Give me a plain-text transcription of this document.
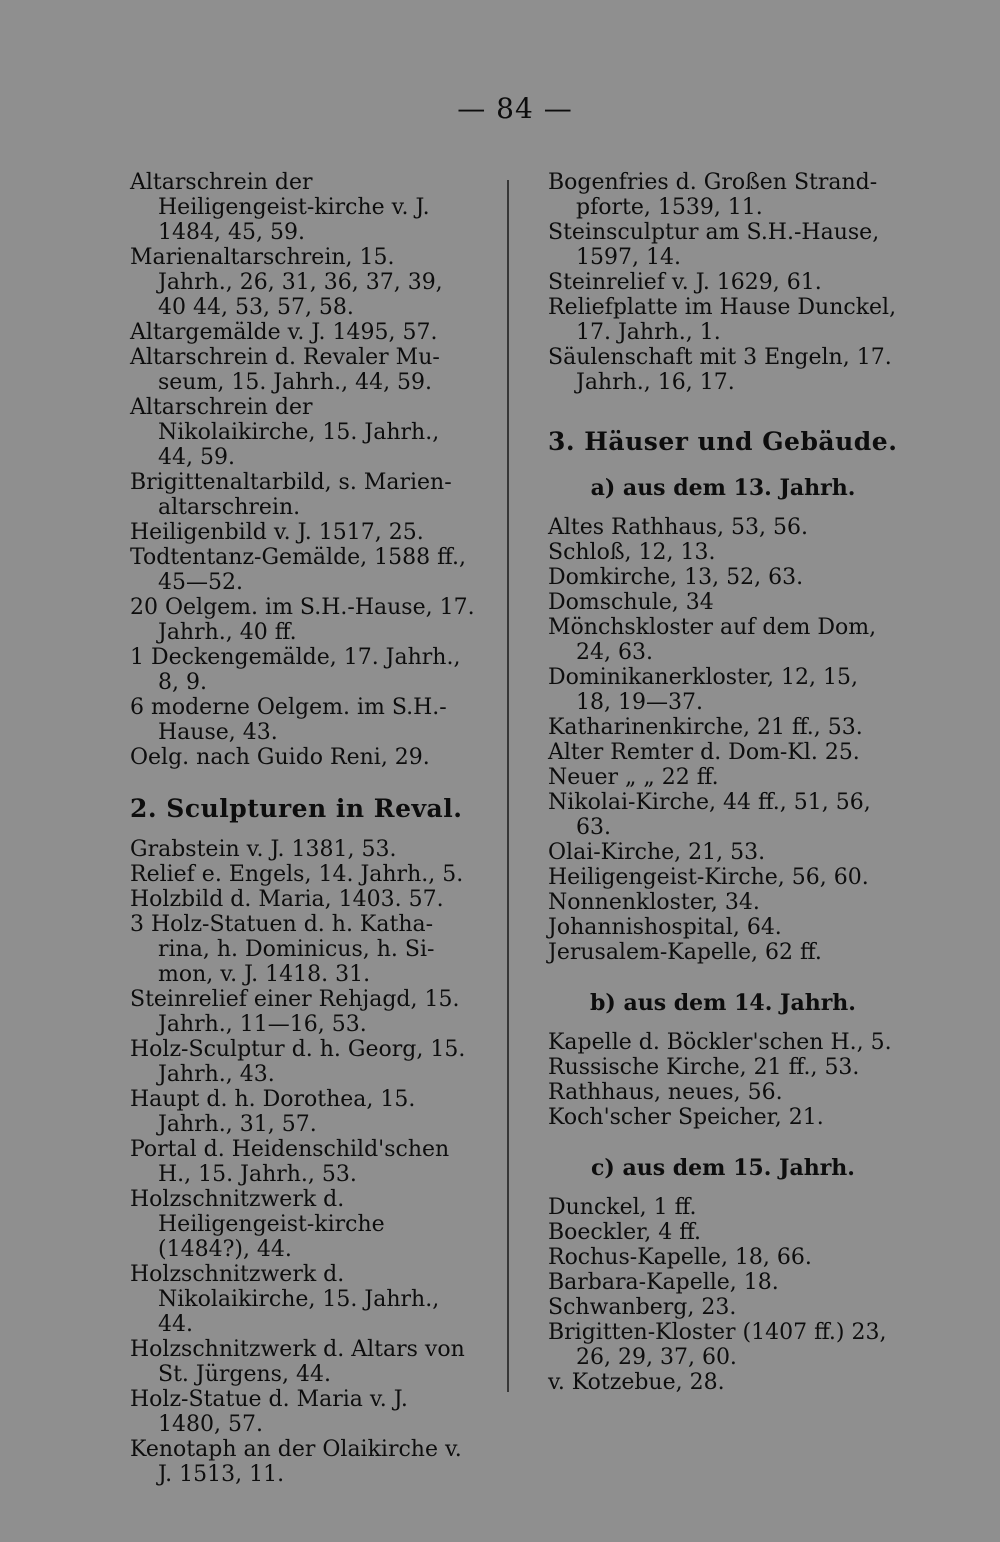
— 84 —
Altarschrein der Heiligengeist-kirche v. J. 1484, 45, 59.
Marienaltarschrein, 15. Jahrh., 26, 31, 36, 37, 39, 40 44, 53, 57, 58.
Altargemälde v. J. 1495, 57.
Altarschrein d. Revaler Mu-seum, 15. Jahrh., 44, 59.
Altarschrein der Nikolaikirche, 15. Jahrh., 44, 59.
Brigittenaltarbild, s. Marien-altarschrein.
Heiligenbild v. J. 1517, 25.
Todtentanz-Gemälde, 1588 ff., 45—52.
20 Oelgem. im S.H.-Hause, 17. Jahrh., 40 ff.
1 Deckengemälde, 17. Jahrh., 8, 9.
6 moderne Oelgem. im S.H.-Hause, 43.
Oelg. nach Guido Reni, 29.
2. Sculpturen in Reval.
Grabstein v. J. 1381, 53.
Relief e. Engels, 14. Jahrh., 5.
Holzbild d. Maria, 1403. 57.
3 Holz-Statuen d. h. Katha-rina, h. Dominicus, h. Si-mon, v. J. 1418. 31.
Steinrelief einer Rehjagd, 15. Jahrh., 11—16, 53.
Holz-Sculptur d. h. Georg, 15. Jahrh., 43.
Haupt d. h. Dorothea, 15. Jahrh., 31, 57.
Portal d. Heidenschild'schen H., 15. Jahrh., 53.
Holzschnitzwerk d. Heiligengeist-kirche (1484?), 44.
Holzschnitzwerk d. Nikolaikirche, 15. Jahrh., 44.
Holzschnitzwerk d. Altars von St. Jürgens, 44.
Holz-Statue d. Maria v. J. 1480, 57.
Kenotaph an der Olaikirche v. J. 1513, 11.
Bogenfries d. Großen Strand-pforte, 1539, 11.
Steinsculptur am S.H.-Hause, 1597, 14.
Steinrelief v. J. 1629, 61.
Reliefplatte im Hause Dunckel, 17. Jahrh., 1.
Säulenschaft mit 3 Engeln, 17. Jahrh., 16, 17.
3. Häuser und Gebäude.
a) aus dem 13. Jahrh.
Altes Rathhaus, 53, 56.
Schloß, 12, 13.
Domkirche, 13, 52, 63.
Domschule, 34
Mönchskloster auf dem Dom, 24, 63.
Dominikanerkloster, 12, 15, 18, 19—37.
Katharinenkirche, 21 ff., 53.
Alter Remter d. Dom-Kl. 25.
Neuer „ „ 22 ff.
Nikolai-Kirche, 44 ff., 51, 56, 63.
Olai-Kirche, 21, 53.
Heiligengeist-Kirche, 56, 60.
Nonnenkloster, 34.
Johannishospital, 64.
Jerusalem-Kapelle, 62 ff.
b) aus dem 14. Jahrh.
Kapelle d. Böckler'schen H., 5.
Russische Kirche, 21 ff., 53.
Rathhaus, neues, 56.
Koch'scher Speicher, 21.
c) aus dem 15. Jahrh.
Dunckel, 1 ff.
Boeckler, 4 ff.
Rochus-Kapelle, 18, 66.
Barbara-Kapelle, 18.
Schwanberg, 23.
Brigitten-Kloster (1407 ff.) 23, 26, 29, 37, 60.
v. Kotzebue, 28.
